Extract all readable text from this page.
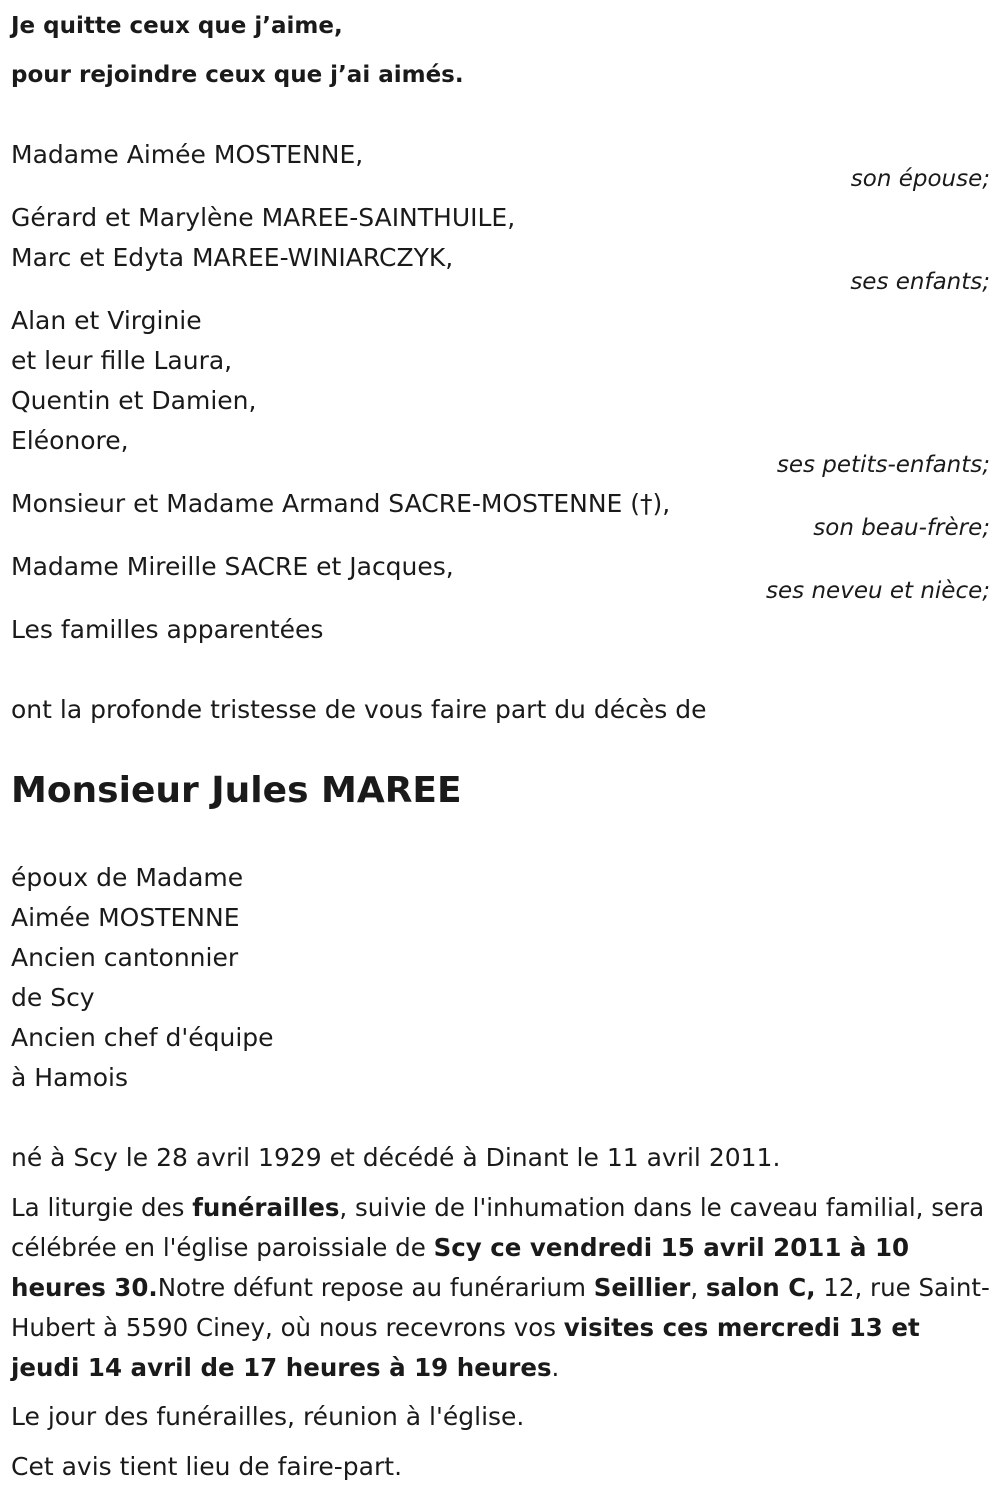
Je quitte ceux que j’aime,
pour rejoindre ceux que j’ai aimés.
Madame Aimée MOSTENNE,
son épouse;
Gérard et Marylène MAREE-SAINTHUILE,
Marc et Edyta MAREE-WINIARCZYK,
ses enfants;
Alan et Virginie
et leur fille Laura,
Quentin et Damien,
Eléonore,
ses petits-enfants;
Monsieur et Madame Armand SACRE-MOSTENNE (†),
son beau-frère;
Madame Mireille SACRE et Jacques,
ses neveu et nièce;
Les familles apparentées
ont la profonde tristesse de vous faire part du décès de
Monsieur Jules MAREE
époux de Madame
Aimée MOSTENNE
Ancien cantonnier
de Scy
Ancien chef d'équipe
à Hamois
né à Scy le 28 avril 1929 et décédé à Dinant le 11 avril 2011.
La liturgie des funérailles, suivie de l'inhumation dans le caveau familial, sera célébrée en l'église paroissiale de Scy ce vendredi 15 avril 2011 à 10 heures 30.Notre défunt repose au funérarium Seillier, salon C, 12, rue Saint-Hubert à 5590 Ciney, où nous recevrons vos visites ces mercredi 13 et jeudi 14 avril de 17 heures à 19 heures.
Le jour des funérailles, réunion à l'église.
Cet avis tient lieu de faire-part.
